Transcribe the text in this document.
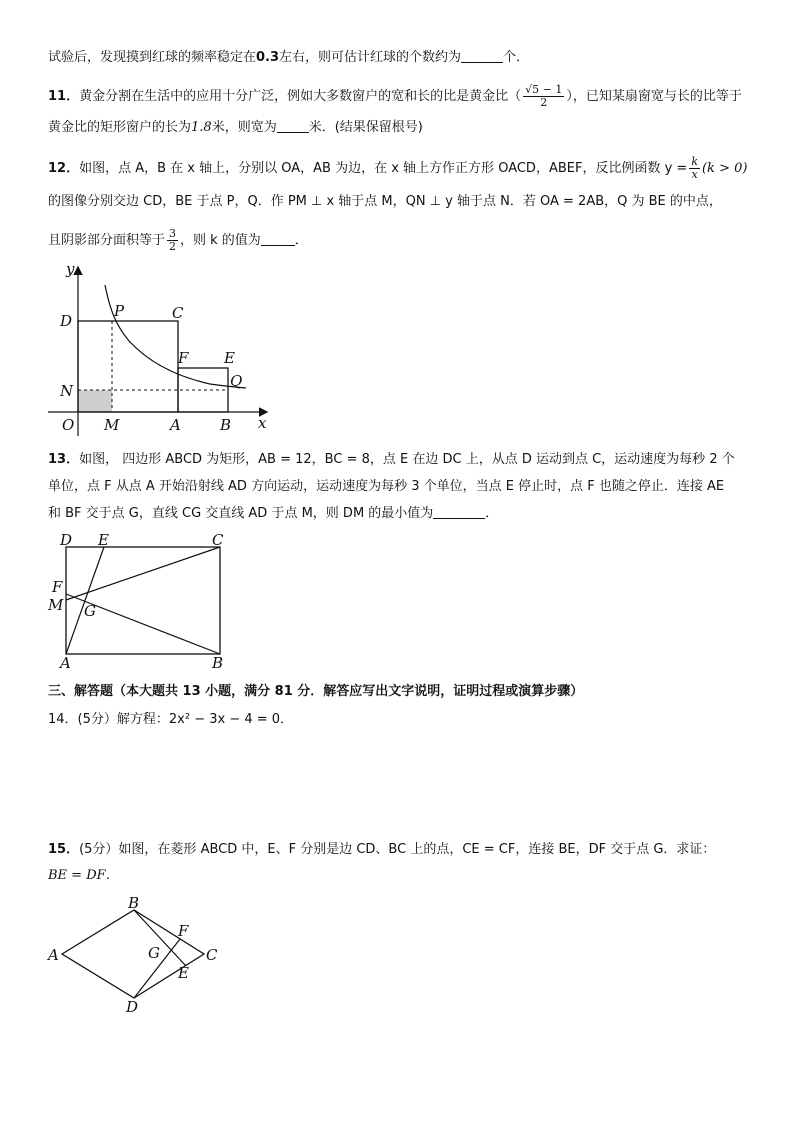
试验后，发现摸到红球的频率稳定在0.3左右，则可估计红球的个数约为	个．
11．黄金分割在生活中的应用十分广泛，例如大多数窗户的宽和长的比是黄金比（ $\frac{√5 - 1}{2}$ ），已知某扇窗宽与长的比等于
黄金比的矩形窗户的长为1.8米，则宽为 米．(结果保留根号)
12．如图，点 A，B 在 x 轴上，分别以 OA，AB 为边，在 x 轴上方作正方形 OACD，ABEF，反比例函数 $y = \frac{k}{x} (k > 0)$
的图像分别交边 CD，BE 于点 P，Q．作 PM ⊥ x 轴于点 M，QN ⊥ y 轴于点 N．若 OA = 2AB，Q 为 BE 的中点，
且阴影部分面积等于 $\frac{3}{2}$ ，则 k 的值为	．
y
x
O M	A	B
N
D
P	C
F E
Q
13．如图， 四边形 ABCD 为矩形，AB = 12，BC = 8，点 E 在边 DC 上，从点 D 运动到点 C，运动速度为每秒 2 个
单位，点 F 从点 A 开始沿射线 AD 方向运动，运动速度为每秒 3 个单位，当点 E 停止时，点 F 也随之停止．连接 AE
和 BF 交于点 G，直线 CG 交直线 AD 于点 M，则 DM 的最小值为	．
D E	C
F
M G
A	B
三、解答题（本大题共 13 小题，满分 81 分．解答应写出文字说明，证明过程或演算步骤）
14．(5分）解方程：2x² − 3x − 4 = 0．
15．(5分）如图，在菱形 ABCD 中，E、F 分别是边 CD、BC 上的点，CE = CF，连接 BE，DF 交于点 G．求证：
BE = DF．
A
B
C
D
E
F
G
